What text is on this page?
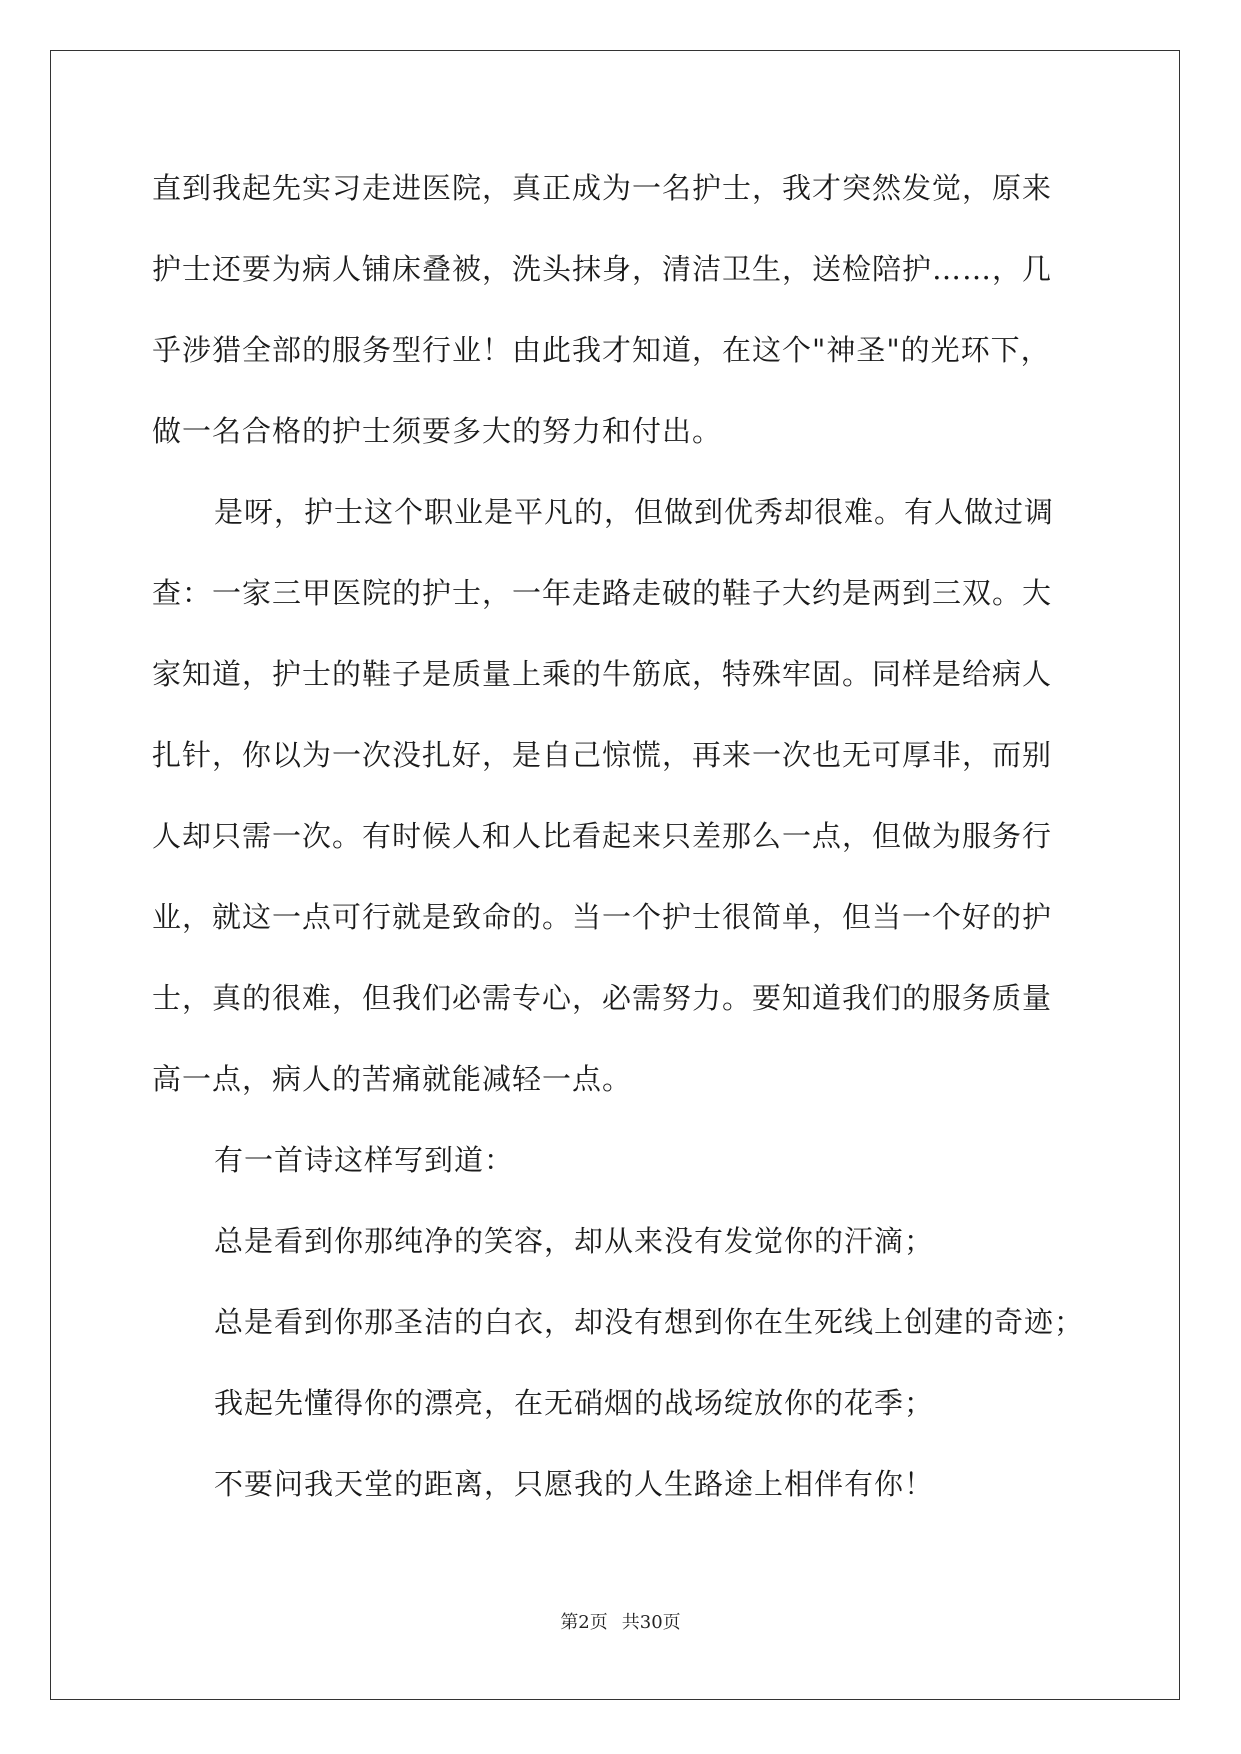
直到我起先实习走进医院，真正成为一名护士，我才突然发觉，原来
护士还要为病人铺床叠被，洗头抹身，清洁卫生，送检陪护……，几
乎涉猎全部的服务型行业！由此我才知道，在这个"神圣"的光环下，
做一名合格的护士须要多大的努力和付出。
是呀，护士这个职业是平凡的，但做到优秀却很难。有人做过调
查：一家三甲医院的护士，一年走路走破的鞋子大约是两到三双。大
家知道，护士的鞋子是质量上乘的牛筋底，特殊牢固。同样是给病人
扎针，你以为一次没扎好，是自己惊慌，再来一次也无可厚非，而别
人却只需一次。有时候人和人比看起来只差那么一点，但做为服务行
业，就这一点可行就是致命的。当一个护士很简单，但当一个好的护
士，真的很难，但我们必需专心，必需努力。要知道我们的服务质量
高一点，病人的苦痛就能减轻一点。
有一首诗这样写到道：
总是看到你那纯净的笑容，却从来没有发觉你的汗滴；
总是看到你那圣洁的白衣，却没有想到你在生死线上创建的奇迹；
我起先懂得你的漂亮，在无硝烟的战场绽放你的花季；
不要问我天堂的距离，只愿我的人生路途上相伴有你！
第2页 共30页
